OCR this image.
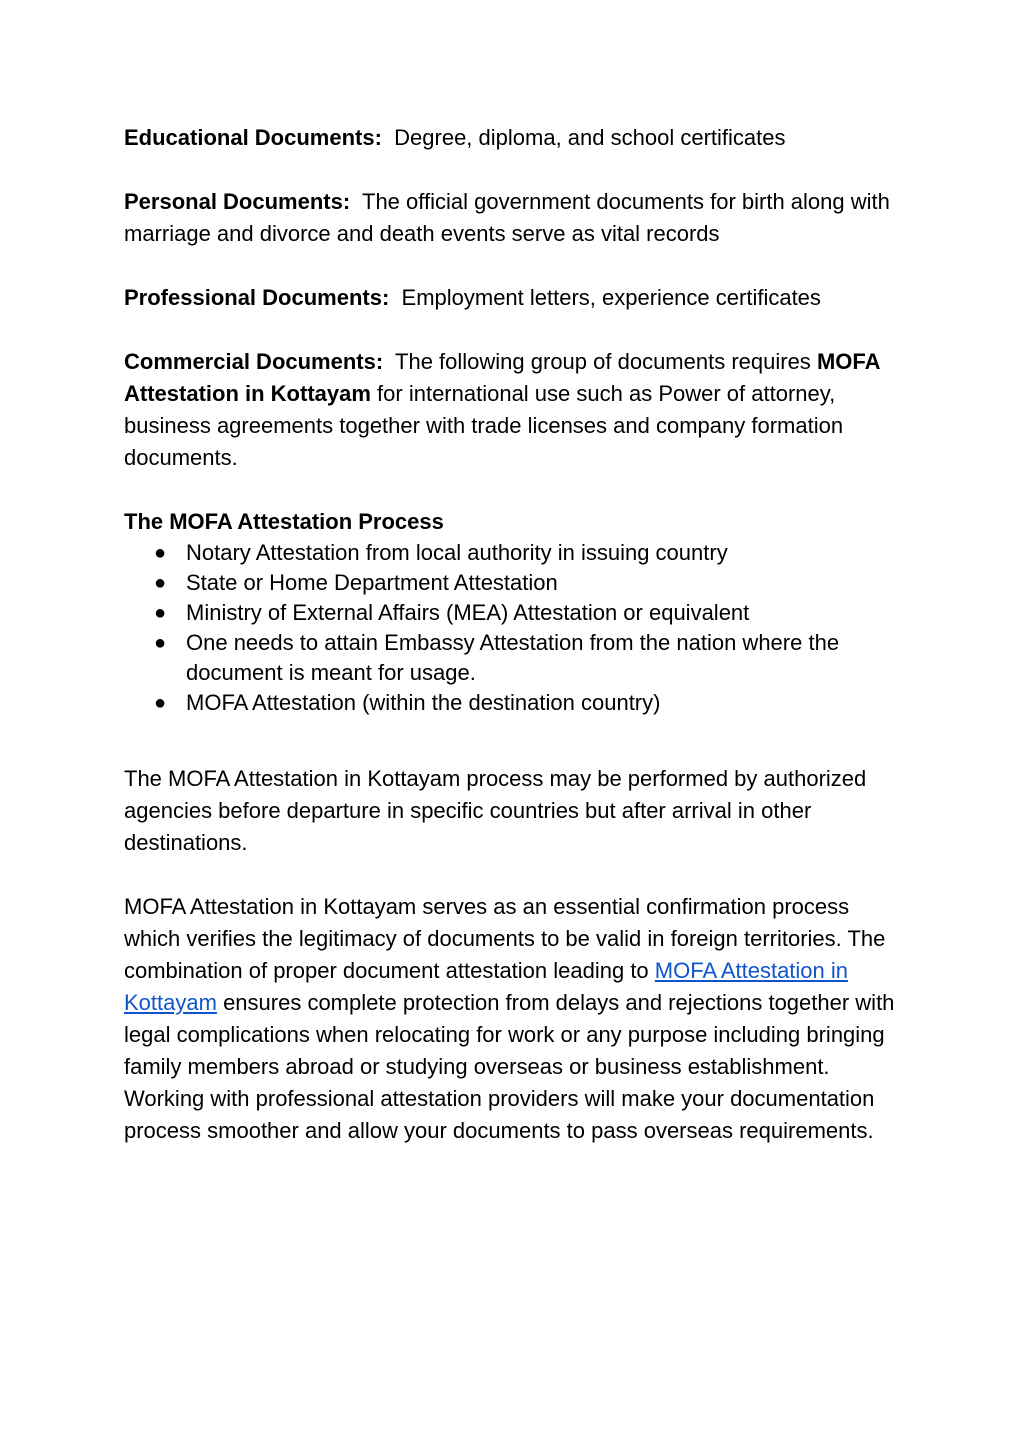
Educational Documents: Degree, diploma, and school certificates

Personal Documents: The official government documents for birth along with marriage and divorce and death events serve as vital records

Professional Documents: Employment letters, experience certificates

Commercial Documents: The following group of documents requires MOFA Attestation in Kottayam for international use such as Power of attorney, business agreements together with trade licenses and company formation documents.

The MOFA Attestation Process

● Notary Attestation from local authority in issuing country
● State or Home Department Attestation
● Ministry of External Affairs (MEA) Attestation or equivalent
● One needs to attain Embassy Attestation from the nation where the document is meant for usage.
● MOFA Attestation (within the destination country)

The MOFA Attestation in Kottayam process may be performed by authorized agencies before departure in specific countries but after arrival in other destinations.

MOFA Attestation in Kottayam serves as an essential confirmation process which verifies the legitimacy of documents to be valid in foreign territories. The combination of proper document attestation leading to MOFA Attestation in Kottayam ensures complete protection from delays and rejections together with legal complications when relocating for work or any purpose including bringing family members abroad or studying overseas or business establishment. Working with professional attestation providers will make your documentation process smoother and allow your documents to pass overseas requirements.
